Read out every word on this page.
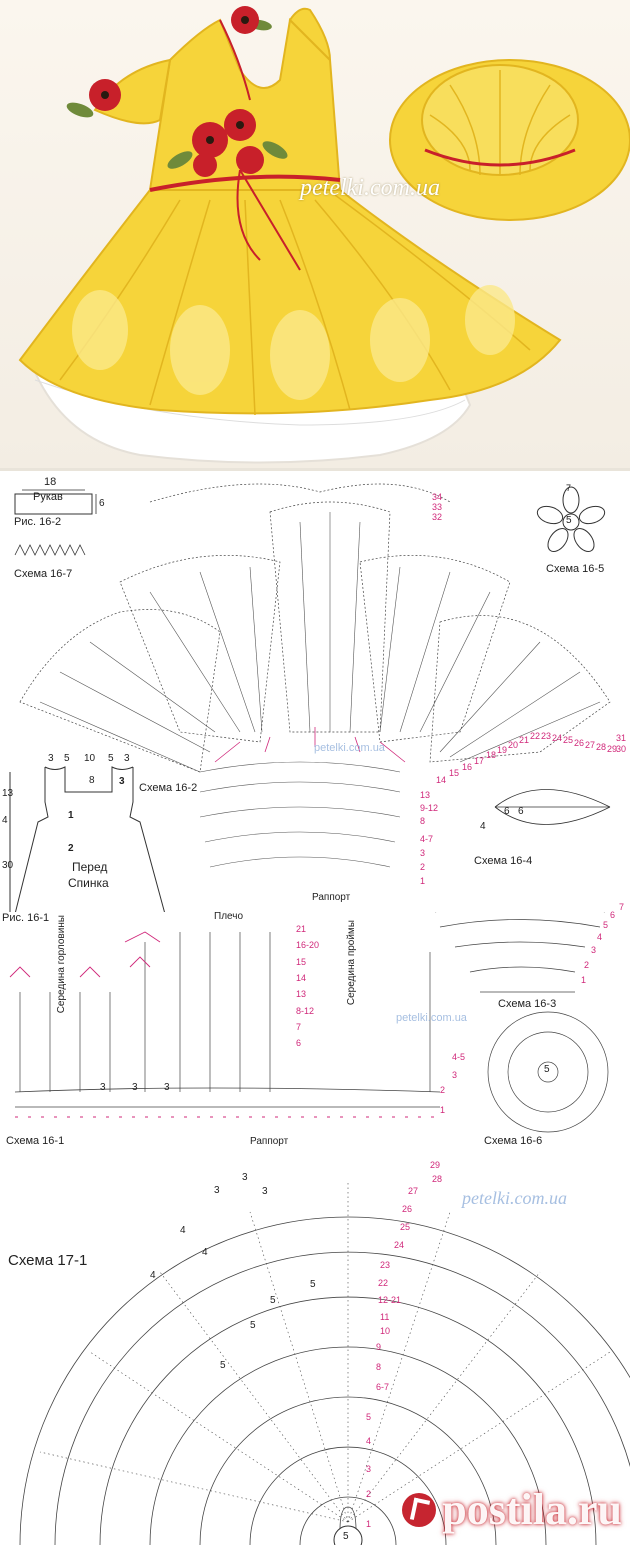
petelki.com.ua
18
Рукав
6
Рис. 16-2
Схема 16-7	Схема 16-5
5
7
petelki.com.ua
14
15
16
17
18 19 20 21 22 23 24 25 26 27 28 29
30
31
32
33
34
3 5 10 5 3
13
4
30
8
1
2
3
Перед
Спинка
Рис. 16-1
Схема 16-2
1
2
3
4-7
8
9-12
13
Раппорт
4
6 6
Схема 16-4
Середина горловины	Плечо
Середина проймы
21
16-20
15
14
13
8-12
7
6
4-5
3
2
1
3	3	3
Схема 16-1	Раппорт
petelki.com.ua
1
2
3
4
5
6
7
Схема 16-3
5
Схема 16-6
Схема 17-1
5
petelki.com.ua
1
2
3
4
5
6-7
8
9
10
11
12-21
22
23
24
25
26
27
28
29
3
3	3
4
4
4
5
5
5
5
postila.ru
